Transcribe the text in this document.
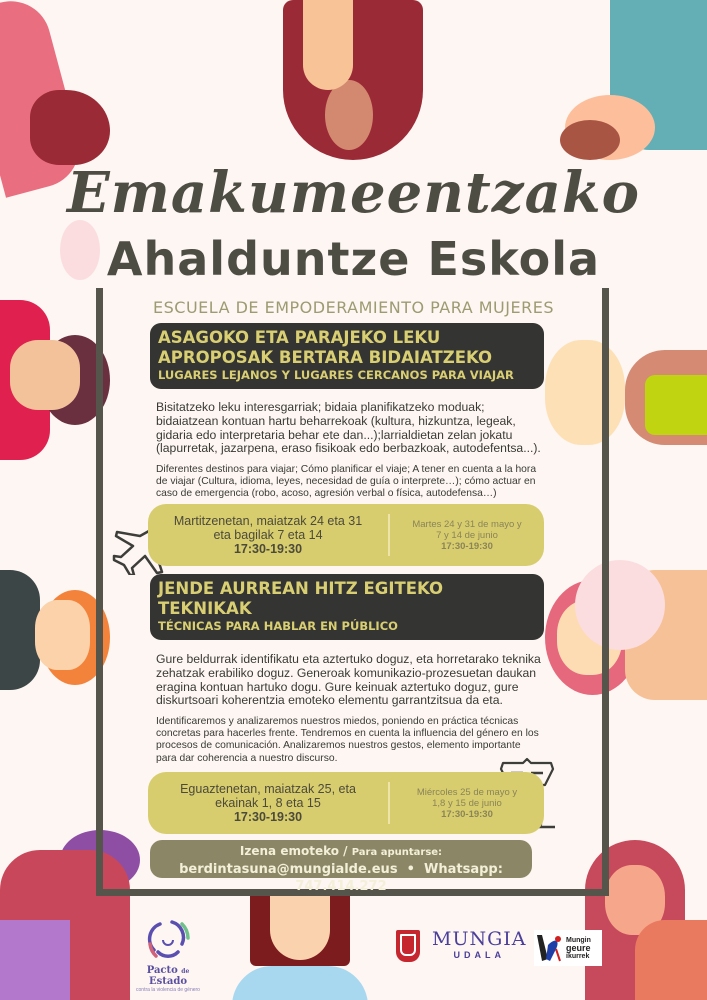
Emakumeentzako
Ahalduntze Eskola
ESCUELA DE EMPODERAMIENTO PARA MUJERES
ASAGOKO ETA PARAJEKO LEKU
APROPOSAK BERTARA BIDAIATZEKO
LUGARES LEJANOS Y LUGARES CERCANOS PARA VIAJAR
Bisitatzeko leku interesgarriak; bidaia planifikatzeko moduak; bidaiatzean kontuan hartu beharrekoak (kultura, hizkuntza, legeak, gidaria edo interpretaria behar ete dan...);larrialdietan zelan jokatu (lapurretak, jazarpena, eraso fisikoak edo berbazkoak, autodefentsa...).
Diferentes destinos para viajar; Cómo planificar el viaje; A tener en cuenta a la hora de viajar (Cultura, idioma, leyes, necesidad de guía o interprete…); cómo actuar en caso de emergencia (robo, acoso, agresión verbal o física, autodefensa…)
Martitzenetan, maiatzak 24 eta 31
eta bagilak 7 eta 14
17:30-19:30
Martes 24 y 31 de mayo y
7 y 14 de junio
17:30-19:30
JENDE AURREAN HITZ EGITEKO
TEKNIKAK
TÉCNICAS PARA HABLAR EN PÚBLICO
Gure beldurrak identifikatu eta aztertuko doguz, eta horretarako teknika zehatzak erabiliko doguz. Generoak komunikazio-prozesuetan daukan eragina kontuan hartuko dogu. Gure keinuak aztertuko doguz, gure diskurtsoari koherentzia emoteko elementu garrantzitsua da eta.
Identificaremos y analizaremos nuestros miedos, poniendo en práctica técnicas concretas para hacerles frente. Tendremos en cuenta la influencia del género en los procesos de comunicación. Analizaremos nuestros gestos, elemento importante para dar coherencia a nuestro discurso.
Eguaztenetan, maiatzak 25, eta
ekainak 1, 8 eta 15
17:30-19:30
Miércoles 25 de mayo y
1,8 y 15 de junio
17:30-19:30
Izena emoteko / Para apuntarse:
berdintasuna@mungialde.eus • Whatsapp: 747.414.272
Pacto de Estado
contra la violencia de género
MUNGIA
UDALA
Mungin
geure
ikurrek
